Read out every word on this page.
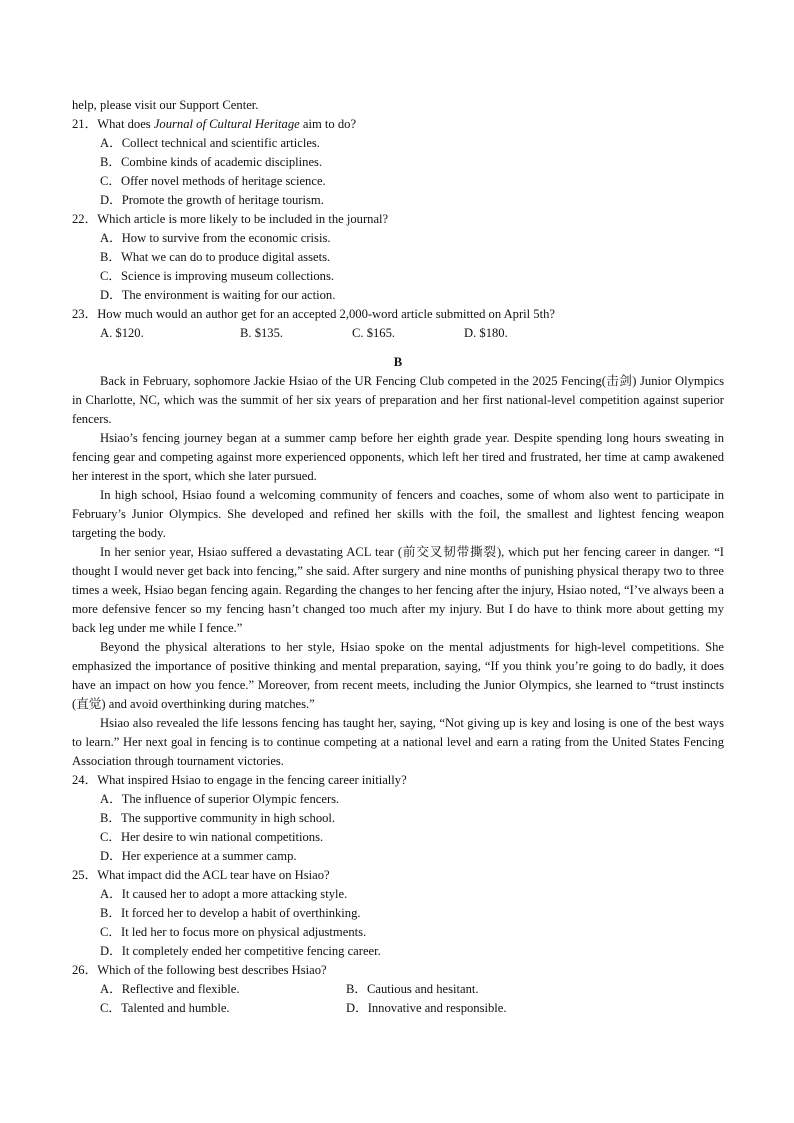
help, please visit our Support Center.
21．What does Journal of Cultural Heritage aim to do?
A．Collect technical and scientific articles.
B．Combine kinds of academic disciplines.
C．Offer novel methods of heritage science.
D．Promote the growth of heritage tourism.
22．Which article is more likely to be included in the journal?
A．How to survive from the economic crisis.
B．What we can do to produce digital assets.
C．Science is improving museum collections.
D．The environment is waiting for our action.
23．How much would an author get for an accepted 2,000-word article submitted on April 5th?
A. $120.	B. $135.	C. $165.	D. $180.
B

Back in February, sophomore Jackie Hsiao of the UR Fencing Club competed in the 2025 Fencing(击剑) Junior Olympics in Charlotte, NC, which was the summit of her six years of preparation and her first national-level competition against superior fencers.

Hsiao’s fencing journey began at a summer camp before her eighth grade year. Despite spending long hours sweating in fencing gear and competing against more experienced opponents, which left her tired and frustrated, her time at camp awakened her interest in the sport, which she later pursued.

In high school, Hsiao found a welcoming community of fencers and coaches, some of whom also went to participate in February’s Junior Olympics. She developed and refined her skills with the foil, the smallest and lightest fencing weapon targeting the body.

In her senior year, Hsiao suffered a devastating ACL tear (前交叉韧带撕裂), which put her fencing career in danger. “I thought I would never get back into fencing,” she said. After surgery and nine months of punishing physical therapy two to three times a week, Hsiao began fencing again. Regarding the changes to her fencing after the injury, Hsiao noted, “I’ve always been a more defensive fencer so my fencing hasn’t changed too much after my injury. But I do have to think more about getting my back leg under me while I fence.”

Beyond the physical alterations to her style, Hsiao spoke on the mental adjustments for high-level competitions. She emphasized the importance of positive thinking and mental preparation, saying, “If you think you’re going to do badly, it does have an impact on how you fence.” Moreover, from recent meets, including the Junior Olympics, she learned to “trust instincts (直觉) and avoid overthinking during matches.”

Hsiao also revealed the life lessons fencing has taught her, saying, “Not giving up is key and losing is one of the best ways to learn.” Her next goal in fencing is to continue competing at a national level and earn a rating from the United States Fencing Association through tournament victories.

24．What inspired Hsiao to engage in the fencing career initially?
A．The influence of superior Olympic fencers.
B．The supportive community in high school.
C．Her desire to win national competitions.
D．Her experience at a summer camp.
25．What impact did the ACL tear have on Hsiao?
A．It caused her to adopt a more attacking style.
B．It forced her to develop a habit of overthinking.
C．It led her to focus more on physical adjustments.
D．It completely ended her competitive fencing career.
26．Which of the following best describes Hsiao?
A．Reflective and flexible.	B．Cautious and hesitant.
C．Talented and humble.	D．Innovative and responsible.
